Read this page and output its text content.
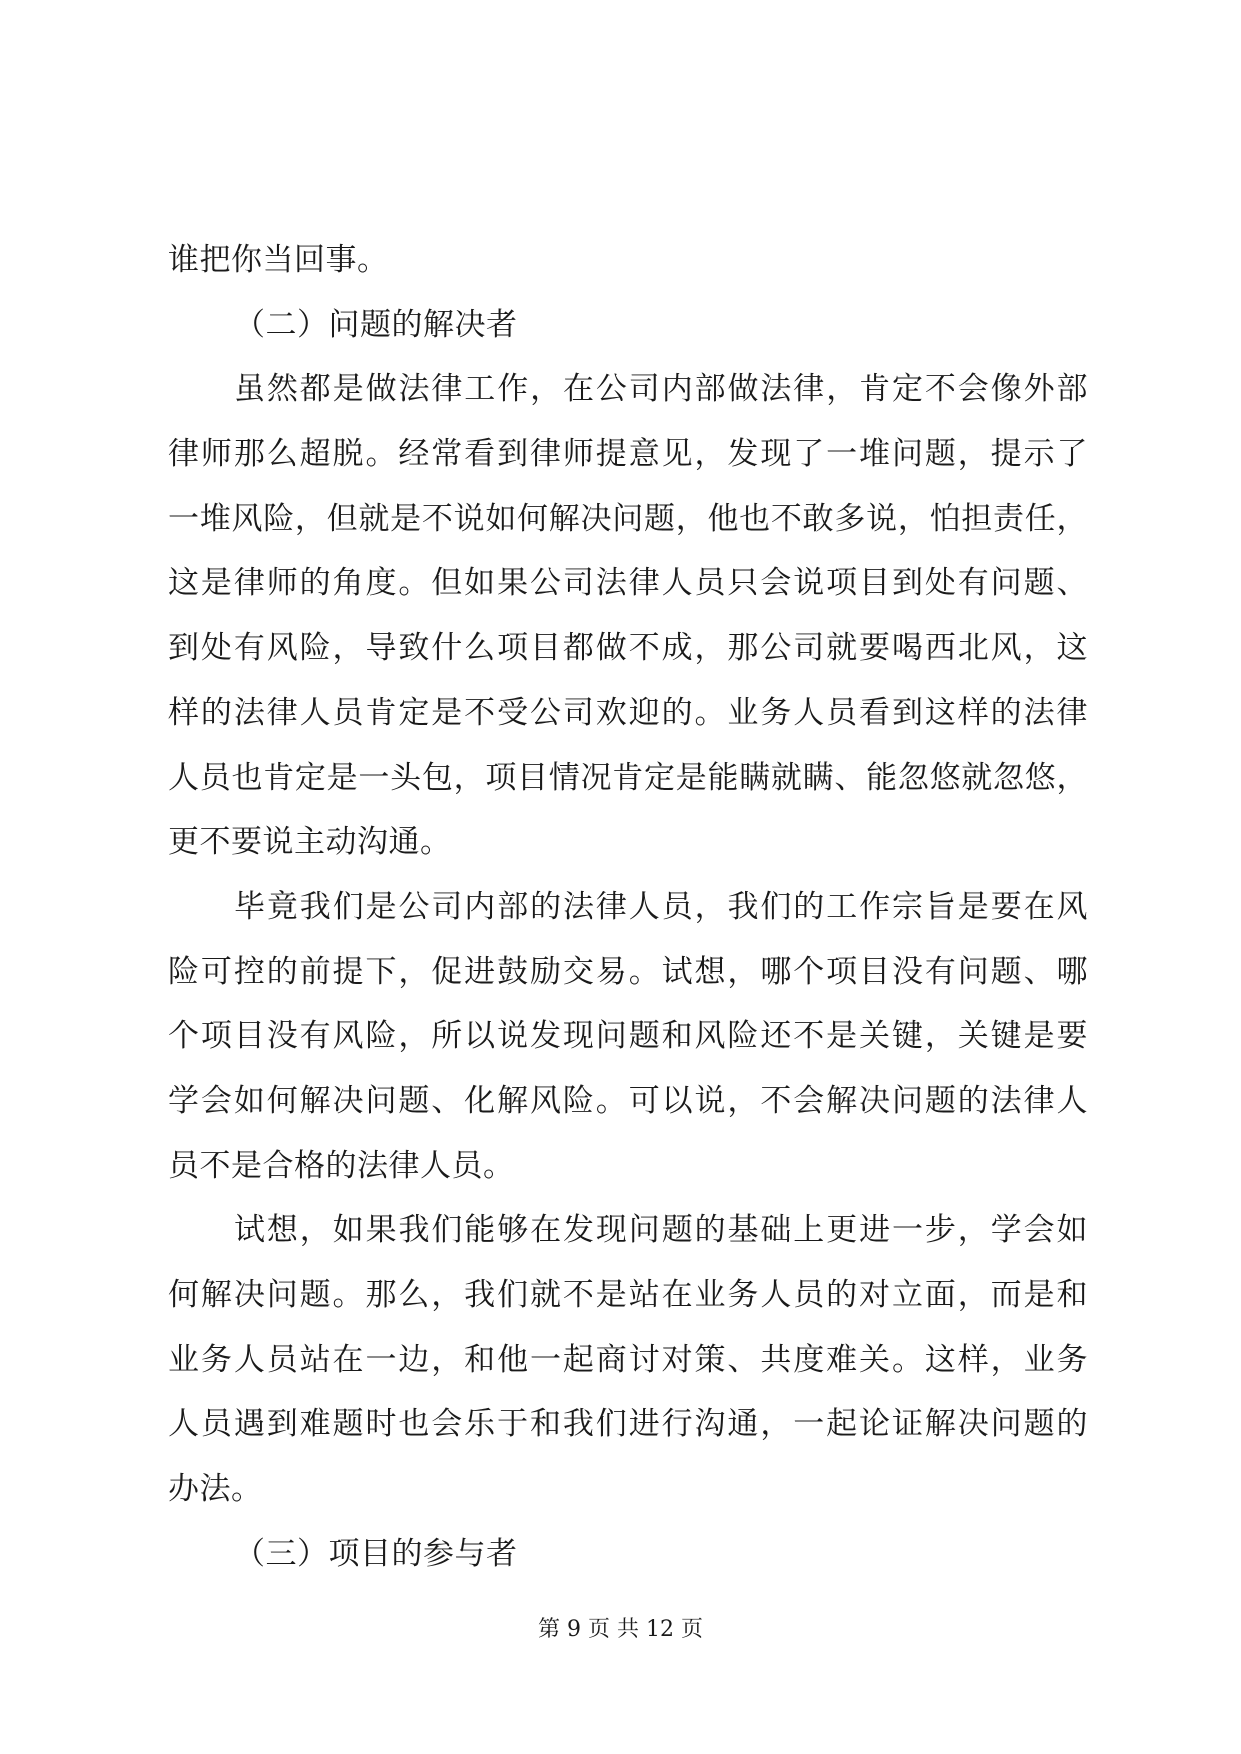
谁把你当回事。
（二）问题的解决者
虽然都是做法律工作，在公司内部做法律，肯定不会像外部
律师那么超脱。经常看到律师提意见，发现了一堆问题，提示了
一堆风险，但就是不说如何解决问题，他也不敢多说，怕担责任，
这是律师的角度。但如果公司法律人员只会说项目到处有问题、
到处有风险，导致什么项目都做不成，那公司就要喝西北风，这
样的法律人员肯定是不受公司欢迎的。业务人员看到这样的法律
人员也肯定是一头包，项目情况肯定是能瞒就瞒、能忽悠就忽悠，
更不要说主动沟通。
毕竟我们是公司内部的法律人员，我们的工作宗旨是要在风
险可控的前提下，促进鼓励交易。试想，哪个项目没有问题、哪
个项目没有风险，所以说发现问题和风险还不是关键，关键是要
学会如何解决问题、化解风险。可以说，不会解决问题的法律人
员不是合格的法律人员。
试想，如果我们能够在发现问题的基础上更进一步，学会如
何解决问题。那么，我们就不是站在业务人员的对立面，而是和
业务人员站在一边，和他一起商讨对策、共度难关。这样，业务
人员遇到难题时也会乐于和我们进行沟通，一起论证解决问题的
办法。
（三）项目的参与者
第 9 页 共 12 页
